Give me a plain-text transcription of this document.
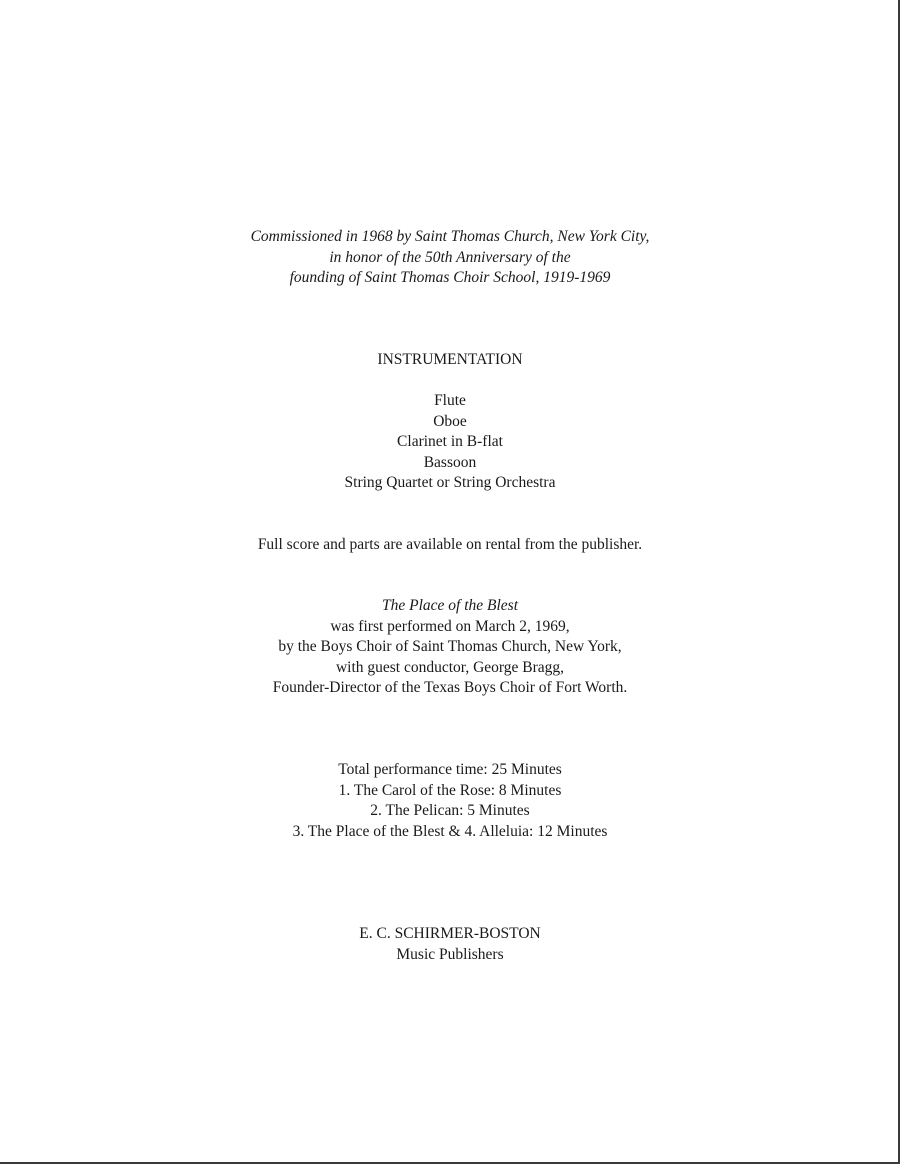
Commissioned in 1968 by Saint Thomas Church, New York City,
in honor of the 50th Anniversary of the
founding of Saint Thomas Choir School, 1919-1969
INSTRUMENTATION
Flute
Oboe
Clarinet in B-flat
Bassoon
String Quartet or String Orchestra
Full score and parts are available on rental from the publisher.
The Place of the Blest
was first performed on March 2, 1969,
by the Boys Choir of Saint Thomas Church, New York,
with guest conductor, George Bragg,
Founder-Director of the Texas Boys Choir of Fort Worth.
Total performance time: 25 Minutes
1. The Carol of the Rose: 8 Minutes
2. The Pelican: 5 Minutes
3. The Place of the Blest & 4. Alleluia: 12 Minutes
E. C. SCHIRMER-BOSTON
Music Publishers
